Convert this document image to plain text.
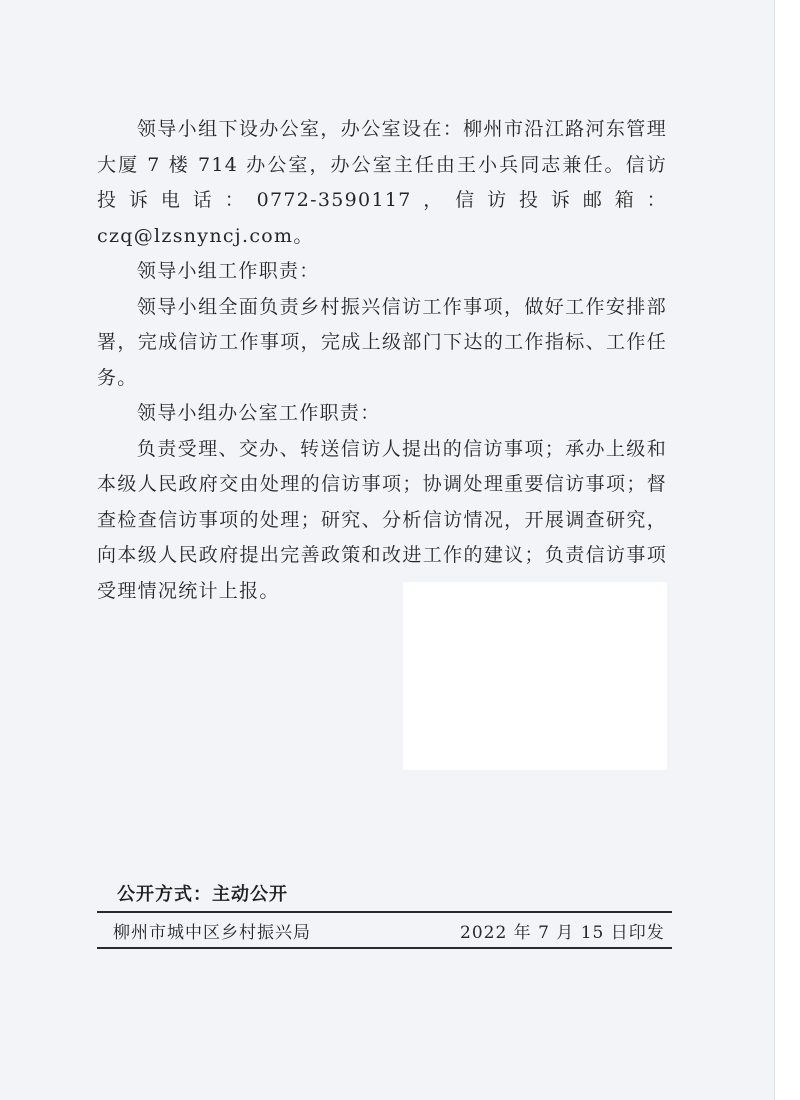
领导小组下设办公室，办公室设在：柳州市沿江路河东管理大厦 7 楼 714 办公室，办公室主任由王小兵同志兼任。信访投诉电话：0772-3590117，信访投诉邮箱：czq@lzsnyncj.com。

领导小组工作职责：

领导小组全面负责乡村振兴信访工作事项，做好工作安排部署，完成信访工作事项，完成上级部门下达的工作指标、工作任务。

领导小组办公室工作职责：

负责受理、交办、转送信访人提出的信访事项；承办上级和本级人民政府交由处理的信访事项；协调处理重要信访事项；督查检查信访事项的处理；研究、分析信访情况，开展调查研究，向本级人民政府提出完善政策和改进工作的建议；负责信访事项受理情况统计上报。

公开方式：主动公开
柳州市城中区乡村振兴局	2022 年 7 月 15 日印发
